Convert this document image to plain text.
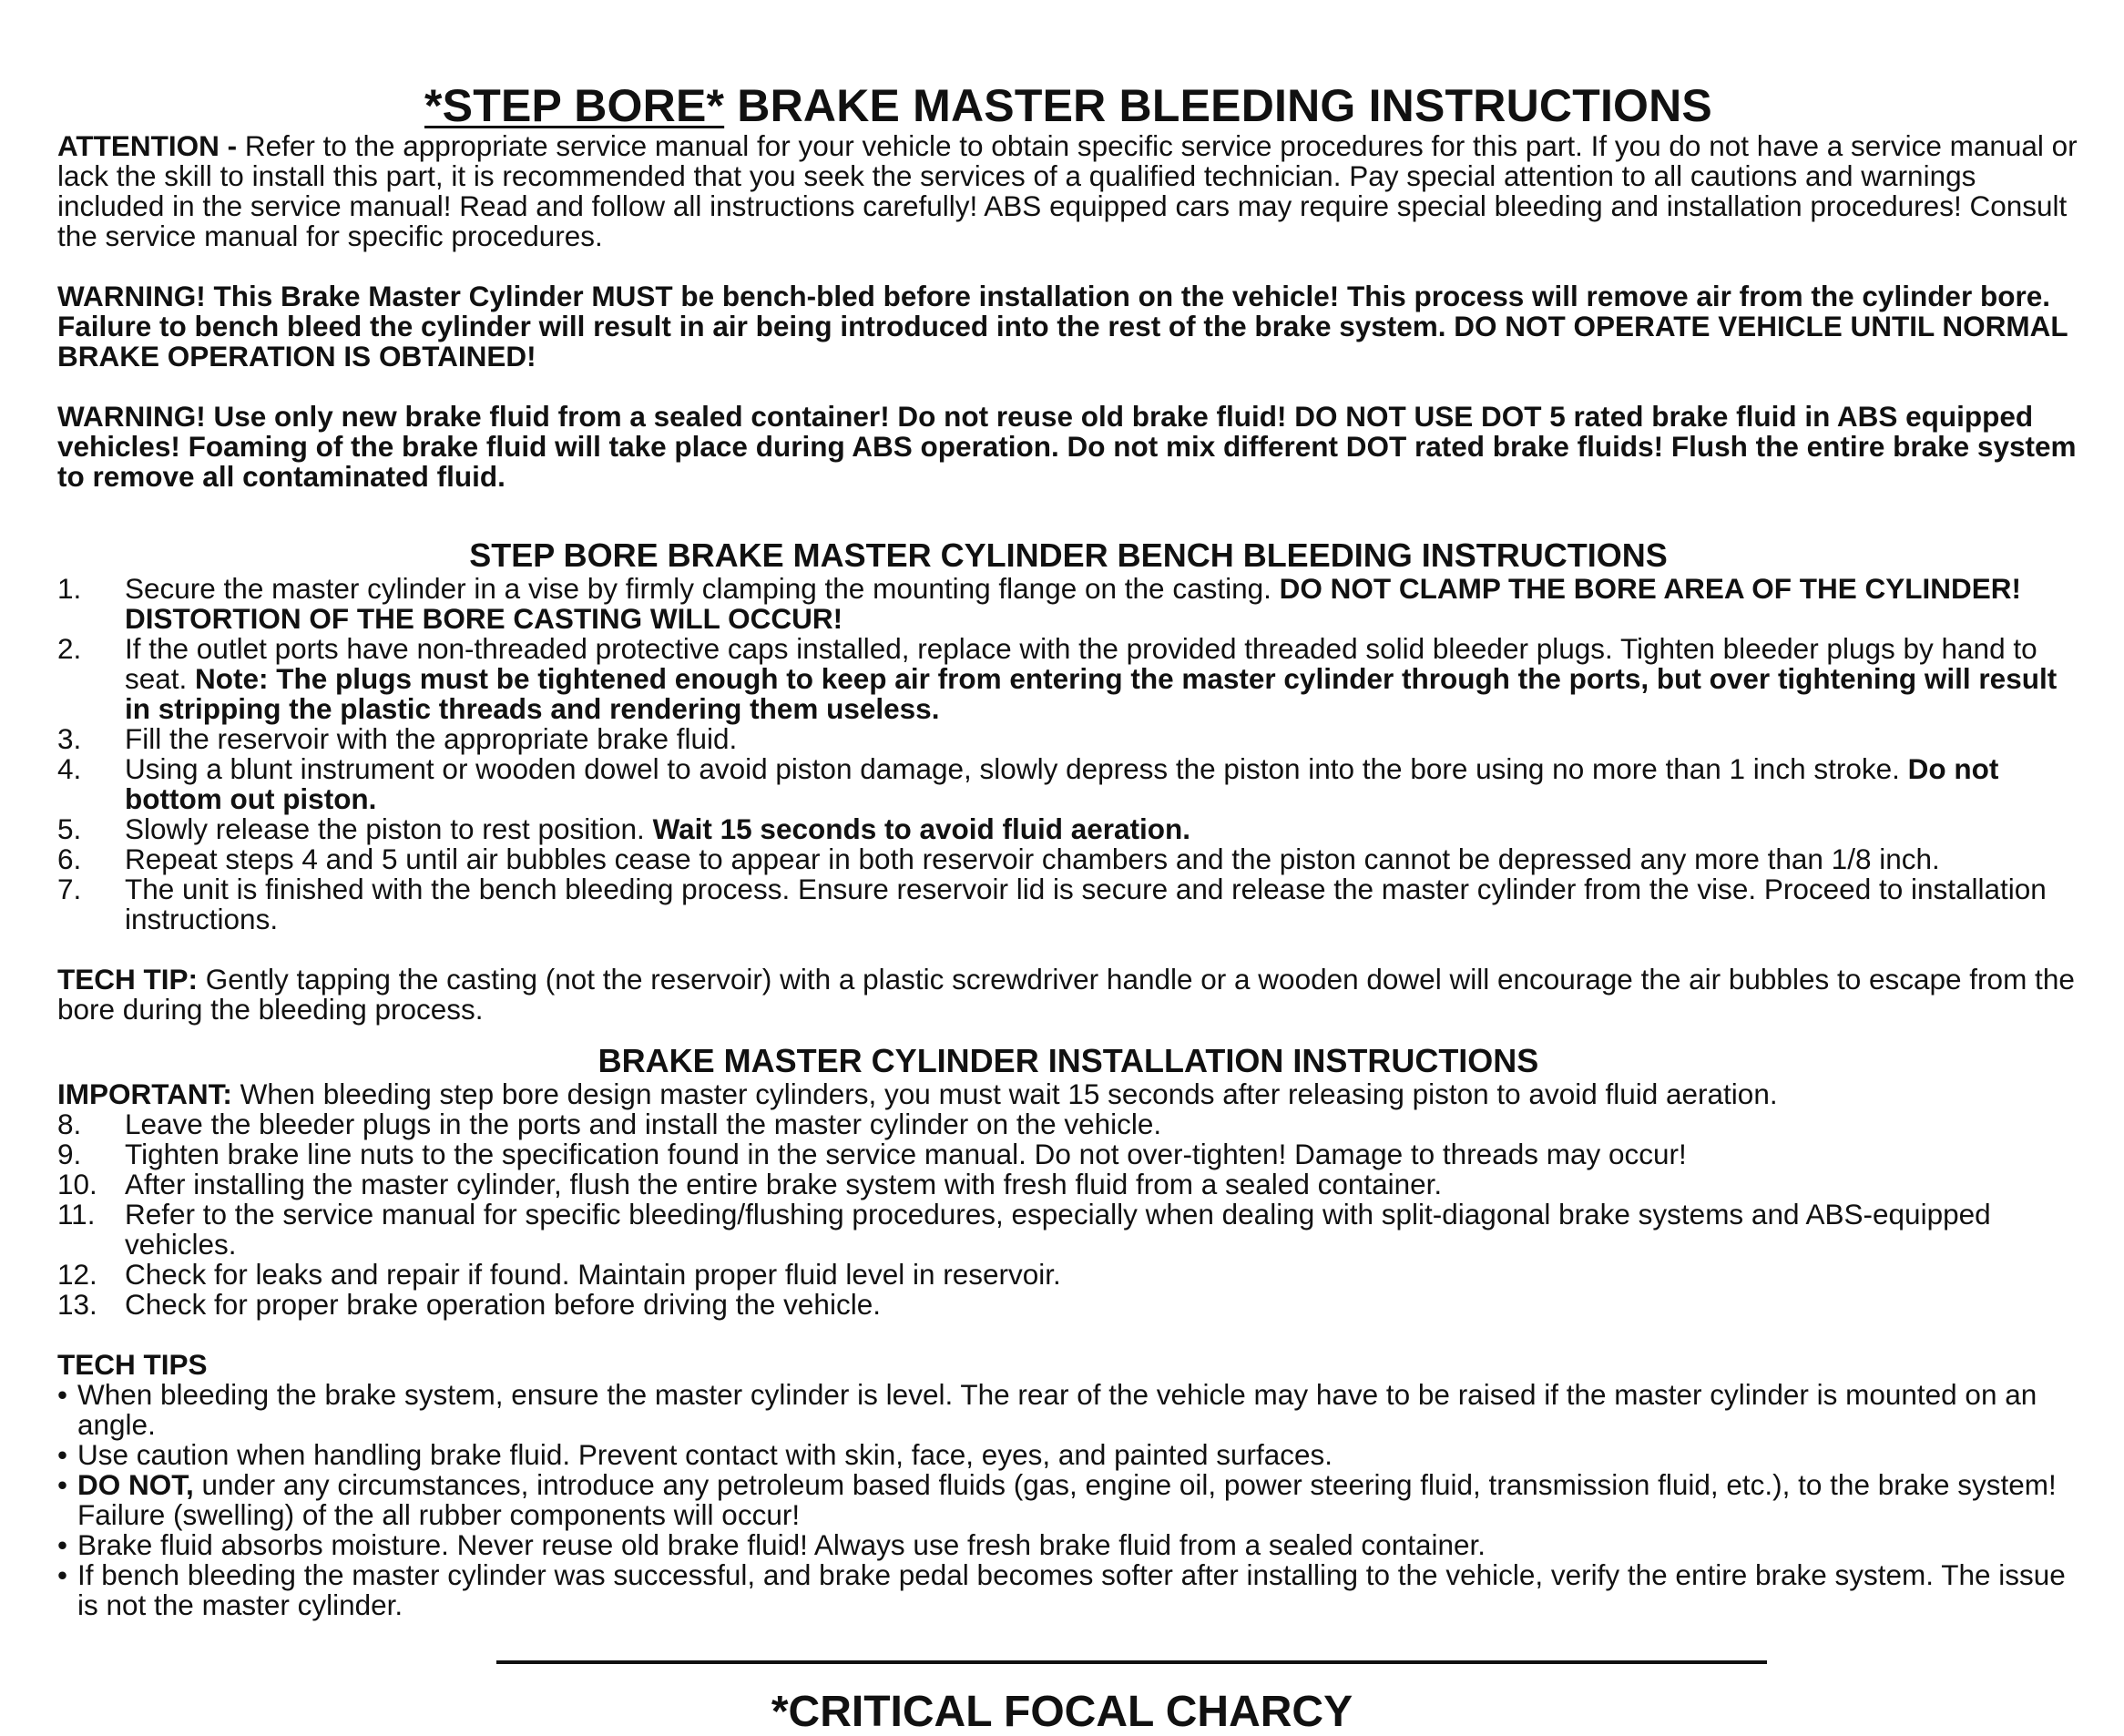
*STEP BORE* BRAKE MASTER BLEEDING INSTRUCTIONS

ATTENTION - Refer to the appropriate service manual for your vehicle to obtain specific service procedures for this part. If you do not have a service manual or lack the skill to install this part, it is recommended that you seek the services of a qualified technician. Pay special attention to all cautions and warnings included in the service manual! Read and follow all instructions carefully! ABS equipped cars may require special bleeding and installation procedures! Consult the service manual for specific procedures.

WARNING! This Brake Master Cylinder MUST be bench-bled before installation on the vehicle! This process will remove air from the cylinder bore. Failure to bench bleed the cylinder will result in air being introduced into the rest of the brake system. DO NOT OPERATE VEHICLE UNTIL NORMAL BRAKE OPERATION IS OBTAINED!

WARNING! Use only new brake fluid from a sealed container! Do not reuse old brake fluid! DO NOT USE DOT 5 rated brake fluid in ABS equipped vehicles! Foaming of the brake fluid will take place during ABS operation. Do not mix different DOT rated brake fluids! Flush the entire brake system to remove all contaminated fluid.

STEP BORE BRAKE MASTER CYLINDER BENCH BLEEDING INSTRUCTIONS
1.	Secure the master cylinder in a vise by firmly clamping the mounting flange on the casting. DO NOT CLAMP THE BORE AREA OF THE CYLINDER! DISTORTION OF THE BORE CASTING WILL OCCUR!
2.	If the outlet ports have non-threaded protective caps installed, replace with the provided threaded solid bleeder plugs. Tighten bleeder plugs by hand to seat. Note: The plugs must be tightened enough to keep air from entering the master cylinder through the ports, but over tightening will result in stripping the plastic threads and rendering them useless.
3.	Fill the reservoir with the appropriate brake fluid.
4.	Using a blunt instrument or wooden dowel to avoid piston damage, slowly depress the piston into the bore using no more than 1 inch stroke. Do not bottom out piston.
5.	Slowly release the piston to rest position. Wait 15 seconds to avoid fluid aeration.
6.	Repeat steps 4 and 5 until air bubbles cease to appear in both reservoir chambers and the piston cannot be depressed any more than 1/8 inch.
7.	The unit is finished with the bench bleeding process. Ensure reservoir lid is secure and release the master cylinder from the vise. Proceed to installation instructions.

TECH TIP: Gently tapping the casting (not the reservoir) with a plastic screwdriver handle or a wooden dowel will encourage the air bubbles to escape from the bore during the bleeding process.

BRAKE MASTER CYLINDER INSTALLATION INSTRUCTIONS

IMPORTANT: When bleeding step bore design master cylinders, you must wait 15 seconds after releasing piston to avoid fluid aeration.

8.	Leave the bleeder plugs in the ports and install the master cylinder on the vehicle.
9.	Tighten brake line nuts to the specification found in the service manual. Do not over-tighten! Damage to threads may occur!
10. After installing the master cylinder, flush the entire brake system with fresh fluid from a sealed container.
11.	Refer to the service manual for specific bleeding/flushing procedures, especially when dealing with split-diagonal brake systems and ABS-equipped vehicles.
12. Check for leaks and repair if found. Maintain proper fluid level in reservoir.
13. Check for proper brake operation before driving the vehicle.

TECH TIPS

• When bleeding the brake system, ensure the master cylinder is level. The rear of the vehicle may have to be raised if the master cylinder is mounted on an angle.
• Use caution when handling brake fluid. Prevent contact with skin, face, eyes, and painted surfaces.
• DO NOT, under any circumstances, introduce any petroleum based fluids (gas, engine oil, power steering fluid, transmission fluid, etc.), to the brake system! Failure (swelling) of the all rubber components will occur!
• Brake fluid absorbs moisture. Never reuse old brake fluid! Always use fresh brake fluid from a sealed container.
• If bench bleeding the master cylinder was successful, and brake pedal becomes softer after installing to the vehicle, verify the entire brake system. The issue is not the master cylinder.
*CRITICAL FOCAL CHARCY
